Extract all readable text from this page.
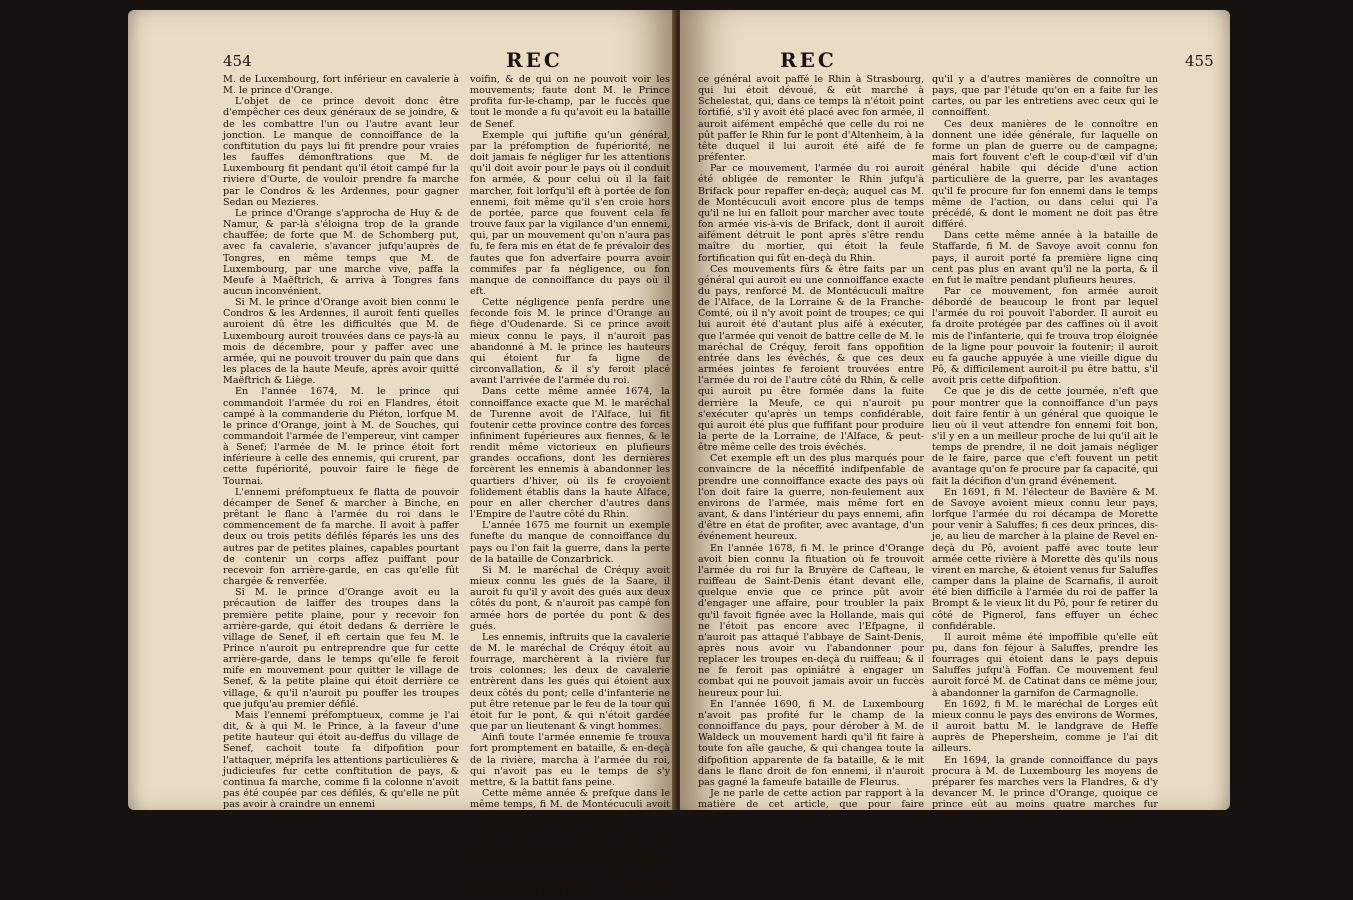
454	REC

M. de Luxembourg, fort inférieur en cavalerie à M. le prince d'Orange.

L'objet de ce prince devoit donc être d'empêcher ces deux généraux de se joindre, & de les combattre l'un ou l'autre avant leur jonction. Le manque de connoiffance de la conftitution du pays lui fit prendre pour vraies les fauffes démonftrations que M. de Luxembourg fit pendant qu'il étoit campé fur la riviere d'Ourte, de vouloir prendre fa marche par le Condros & les Ardennes, pour gagner Sedan ou Mezieres.

Le prince d'Orange s'approcha de Huy & de Namur, & par-là s'éloigna trop de la grande chauffée; de forte que M. de Schomberg put, avec fa cavalerie, s'avancer jufqu'auprès de Tongres, en même temps que M. de Luxembourg, par une marche vive, paffa la Meufe à Maëftrich, & arriva à Tongres fans aucun inconvénient.

Si M. le prince d'Orange avoit bien connu le Condros & les Ardennes, il auroit fenti quelles auroient dû être les difficultés que M. de Luxembourg auroit trouvées dans ce pays-là au mois de décembre, pour y paffer avec une armée, qui ne pouvoit trouver du pain que dans les places de la haute Meufe, après avoir quitté Maëftrich & Liège.

En l'année 1674, M. le prince qui commandoit l'armée du roi en Flandres, étoit campé à la commanderie du Piéton, lorfque M. le prince d'Orange, joint à M. de Souches, qui commandoit l'armée de l'empereur, vint camper à Senef; l'armée de M. le prince étoit fort inférieure à celle des ennemis, qui crurent, par cette fupériorité, pouvoir faire le fiège de Tournai.

L'ennemi préfomptueux fe flatta de pouvoir décamper de Senef & marcher à Binche, en prêtant le flanc à l'armée du roi dans le commencement de fa marche. Il avoit à paffer deux ou trois petits défilés féparés les uns des autres par de petites plaines, capables pourtant de contenir un corps affez puiffant pour recevoir fon arrière-garde, en cas qu'elle fût chargée & renverfée.

Si M. le prince d'Orange avoit eu la précaution de laiffer des troupes dans la première petite plaine, pour y recevoir fon arrière-garde, qui étoit dedans & derrière le village de Senef, il eft certain que feu M. le Prince n'auroit pu entreprendre que fur cette arrière-garde, dans le temps qu'elle fe feroit mife en mouvement pour quitter le village de Senef, & la petite plaine qui étoit derrière ce village, & qu'il n'auroit pu pouffer les troupes que jufqu'au premier défilé.

Mais l'ennemi préfomptueux, comme je l'ai dit, & à qui M. le Prince, à la faveur d'une petite hauteur qui étoit au-deffus du village de Senef, cachoit toute fa difpofition pour l'attaquer, méprifa les attentions particulières & judicieufes fur cette conftitution de pays, & continua fa marche, comme fi la colonne n'avoit pas été coupée par ces défilés, & qu'elle ne pût pas avoir à craindre un ennemi

voifin, & de qui on ne pouvoit voir les mouvements; faute dont M. le Prince profita fur-le-champ, par le fuccès que tout le monde a fu qu'avoit eu la bataille de Senef.

Exemple qui juftifie qu'un général, par la préfomption de fupériorité, ne doit jamais fe négliger fur les attentions qu'il doit avoir pour le pays où il conduit fon armée, & pour celui où il la fait marcher, foit lorfqu'il eft à portée de fon ennemi, foit même qu'il s'en croie hors de portée, parce que fouvent cela fe trouve faux par la vigilance d'un ennemi, qui, par un mouvement qu'on n'aura pas fu, fe fera mis en état de fe prévaloir des fautes que fon adverfaire pourra avoir commifes par fa négligence, ou fon manque de connoiffance du pays où il eft.

Cette négligence penfa perdre une feconde fois M. le prince d'Orange au fiège d'Oudenarde. Si ce prince avoit mieux connu le pays, il n'auroit pas abandonné à M. le prince les hauteurs qui étoient fur fa ligne de circonvallation, & il s'y feroit placé avant l'arrivée de l'armée du roi.

Dans cette même année 1674, la connoiffance exacte que M. le maréchal de Turenne avoit de l'Alface, lui fit foutenir cette province contre des forces infiniment fupérieures aux fiennes, & le rendit même victorieux en plufieurs grandes occafions, dont les dernières forcèrent les ennemis à abandonner les quartiers d'hiver, où ils fe croyoient folidement établis dans la haute Alface, pour en aller chercher d'autres dans l'Empire de l'autre côté du Rhin.

L'année 1675 me fournit un exemple funefte du manque de connoiffance du pays ou l'on fait la guerre, dans la perte de la bataille de Conzarbrick.

Si M. le maréchal de Créquy avoit mieux connu les gués de la Saare, il auroit fu qu'il y avoit des gués aux deux côtés du pont, & n'auroit pas campé fon armée hors de portée du pont & des gués.

Les ennemis, inftruits que la cavalerie de M. le maréchal de Créquy étoit au fourrage, marchèrent à la rivière fur trois colonnes; les deux de cavalerie entrèrent dans les gués qui étoient aux deux côtés du pont; celle d'infanterie ne put être retenue par le feu de la tour qui étoit fur le pont, & qui n'étoit gardée que par un lieutenant & vingt hommes.

Ainfi toute l'armée ennemie fe trouva fort promptement en bataille, & en-deçà de la rivière, marcha à l'armée du roi, qui n'avoit pas eu le temps de s'y mettre, & la battit fans peine.

Cette même année & prefque dans le même temps, fi M. de Montécuculi avoit bien connu la Renchen & la Kintz, il auroit aifément battu l'armée du roi, lorfqu'après la mort de M. le maréchal de Turenne, elle fe retira de Salsbach à Altenheim, où étoit fon pont fur le Rhin.

Où fi fans la fuivre au-delà de la Kintze pour la combattre à Altenheim, comme il le fit fans fuccès,

REC	455

ce général avoit paffé le Rhin à Strasbourg, qui lui étoit dévoué, & eût marché à Schelestat, qui, dans ce temps là n'étoit point fortifié, s'il y avoit été placé avec fon armée, il auroit aifément empêché que celle du roi ne pût paffer le Rhin fur le pont d'Altenheim, à la tête duquel il lui auroit été aifé de fe préfenter.

Par ce mouvement, l'armée du roi auroit été obligée de remonter le Rhin jufqu'à Brifack pour repaffer en-deçà; auquel cas M. de Montécuculi avoit encore plus de temps qu'il ne lui en falloit pour marcher avec toute fon armée vis-à-vis de Brifack, dont il auroit aifément détruit le pont après s'être rendu maître du mortier, qui étoit la feule fortification qui fût en-deçà du Rhin.

Ces mouvements fûrs & être faits par un général qui auroit eu une connoiffance exacte du pays, renforcé M. de Montécuculi maître de l'Alface, de la Lorraine & de la Franche-Comté, où il n'y avoit point de troupes; ce qui lui auroit été d'autant plus aifé à exécuter, que l'armée qui venoit de battre celle de M. le maréchal de Créquy, feroit fans oppofition entrée dans les évêchés, & que ces deux armées jointes fe feroient trouvées entre l'armée du roi de l'autre côté du Rhin, & celle qui auroit pu être formée dans la fuite derrière la Meufe, ce qui n'auroit pu s'exécuter qu'après un temps confidérable, qui auroit été plus que fuffifant pour produire la perte de la Lorraine, de l'Alface, & peut-être même celle des trois évêchés.

Cet exemple eft un des plus marqués pour convaincre de la néceffité indifpenfable de prendre une connoiffance exacte des pays où l'on doit faire la guerre, non-feulement aux environs de l'armée, mais même fort en avant, & dans l'intérieur du pays ennemi, afin d'être en état de profiter, avec avantage, d'un événement heureux.

En l'année 1678, fi M. le prince d'Orange avoit bien connu la fituation où fe trouvoit l'armée du roi fur la Bruyère de Cafteau, le ruiffeau de Saint-Denis étant devant elle, quelque envie que ce prince pût avoir d'engager une affaire, pour troubler la paix qu'il favoit fignée avec la Hollande, mais qui ne l'étoit pas encore avec l'Efpagne, il n'auroit pas attaqué l'abbaye de Saint-Denis, après nous avoir vu l'abandonner pour replacer les troupes en-deçà du ruiffeau; & il ne fe feroit pas opiniâtré à engager un combat qui ne pouvoit jamais avoir un fuccès heureux pour lui.

En l'année 1690, fi M. de Luxembourg n'avoit pas profité fur le champ de la connoiffance du pays, pour dérober à M. de Waldeck un mouvement hardi qu'il fit faire à toute fon aîle gauche, & qui changea toute la difpofition apparente de fa bataille, & le mit dans le flanc droit de fon ennemi, il n'auroit pas gagné la fameufe bataille de Fleurus.

Je ne parle de cette action par rapport à la matière de cet article, que pour faire remarquer

qu'il y a d'autres manières de connoître un pays, que par l'étude qu'on en a faite fur les cartes, ou par les entretiens avec ceux qui le connoiffent.

Ces deux manières de le connoître en donnent une idée générale, fur laquelle on forme un plan de guerre ou de campagne; mais fort fouvent c'eft le coup-d'œil vif d'un général habile qui décide d'une action particulière de la guerre, par les avantages qu'il fe procure fur fon ennemi dans le temps même de l'action, ou dans celui qui l'a précédé, & dont le moment ne doit pas être différé.

Dans cette même année à la bataille de Staffarde, fi M. de Savoye avoit connu fon pays, il auroit porté fa première ligne cinq cent pas plus en avant qu'il ne la porta, & il en fut le maître pendant plufieurs heures.

Par ce mouvement, fon armée auroit débordé de beaucoup le front par lequel l'armée du roi pouvoit l'aborder. Il auroit eu fa droite protégée par des caffines où il avoit mis de l'infanterie, qui fe trouva trop éloignée de la ligne pour pouvoir la foutenir; il auroit eu fa gauche appuyée à une vieille digue du Pô, & difficilement auroit-il pu être battu, s'il avoit pris cette difpofition.

Ce que je dis de cette journée, n'eft que pour montrer que la connoiffance d'un pays doit faire fentir à un général que quoique le lieu où il veut attendre fon ennemi foit bon, s'il y en a un meilleur proche de lui qu'il ait le temps de prendre, il ne doit jamais négliger de le faire, parce que c'eft fouvent un petit avantage qu'on fe procure par fa capacité, qui fait la décifion d'un grand événement.

En 1691, fi M. l'électeur de Bavière & M. de Savoye avoient mieux connu leur pays, lorfque l'armée du roi décampa de Morette pour venir à Saluffes; fi ces deux princes, dis-je, au lieu de marcher à la plaine de Revel en-deçà du Pô, avoient paffé avec toute leur armée cette rivière à Morette dès qu'ils nous virent en marche, & étoient venus fur Saluffes camper dans la plaine de Scarnafis, il auroit été bien difficile à l'armée du roi de paffer la Brompt & le vieux lit du Pô, pour fe retirer du côté de Pignerol, fans effuyer un échec confidérable.

Il auroit même été impoffible qu'elle eût pu, dans fon féjour à Saluffes, prendre les fourrages qui étoient dans le pays depuis Saluffes jufqu'à Foffan. Ce mouvement feul auroit forcé M. de Catinat dans ce même jour, à abandonner la garnifon de Carmagnolle.

En 1692, fi M. le maréchal de Lorges eût mieux connu le pays des environs de Wormes, il auroit battu M. le landgrave de Heffe auprès de Phepersheim, comme je l'ai dit ailleurs.

En 1694, la grande connoiffance du pays procura à M. de Luxembourg les moyens de préparer fes marches vers la Flandres, & d'y devancer M. le prince d'Orange, quoique ce prince eût au moins quatre marches fur l'armée du roi.
